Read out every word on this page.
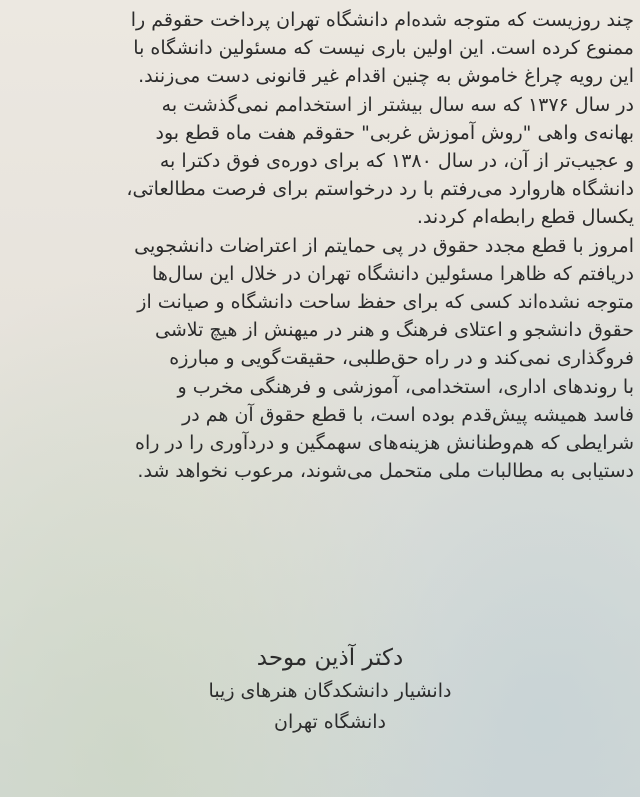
چند روزیست که متوجه شده‌ام دانشگاه تهران پرداخت حقوقم را
ممنوع کرده است. این اولین باری نیست که مسئولین دانشگاه با
این رویه چراغ خاموش به چنین اقدام غیر قانونی دست می‌زنند.
در سال ۱۳۷۶ که سه سال بیشتر از استخدامم نمی‌گذشت به
بهانه‌ی واهی "روش آموزش غربی" حقوقم هفت ماه قطع بود
و عجیب‌تر از آن، در سال ۱۳۸۰ که برای دوره‌ی فوق دکترا به
دانشگاه هاروارد می‌رفتم با رد درخواستم برای فرصت مطالعاتی،
یکسال قطع رابطه‌ام کردند.
امروز با قطع مجدد حقوق در پی حمایتم از اعتراضات دانشجویی
دریافتم که ظاهرا مسئولین دانشگاه تهران در خلال این سال‌ها
متوجه نشده‌اند کسی که برای حفظ ساحت دانشگاه و صیانت از
حقوق دانشجو و اعتلای فرهنگ و هنر در میهنش از هیچ تلاشی
فروگذاری نمی‌کند و در راه حق‌طلبی، حقیقت‌گویی و مبارزه
با روندهای اداری، استخدامی، آموزشی و فرهنگی مخرب و
فاسد همیشه پیش‌قدم بوده است، با قطع حقوق آن هم در
شرایطی که هم‌وطنانش هزینه‌های سهمگین و دردآوری را در راه
دستیابی به مطالبات ملی متحمل می‌شوند، مرعوب نخواهد شد.
دکتر آذین موحد
دانشیار دانشکدگان هنرهای زیبا
دانشگاه تهران
